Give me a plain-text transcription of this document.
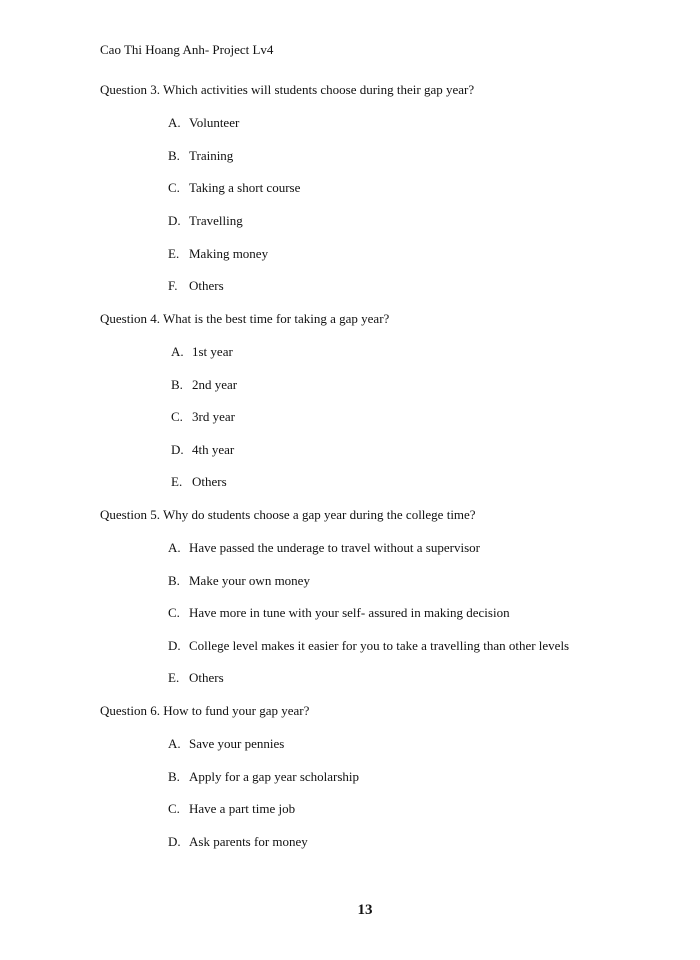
Cao Thi Hoang Anh- Project Lv4
Question 3. Which activities will students choose during their gap year?
A. Volunteer
B. Training
C. Taking a short course
D. Travelling
E. Making money
F. Others
Question 4. What is the best time for taking a gap year?
A. 1st year
B. 2nd year
C. 3rd year
D. 4th year
E. Others
Question 5. Why do students choose a gap year during the college time?
A. Have passed the underage to travel without a supervisor
B. Make your own money
C. Have more in tune with your self- assured in making decision
D. College level makes it easier for you to take a travelling than other levels
E. Others
Question 6. How to fund your gap year?
A. Save your pennies
B. Apply for a gap year scholarship
C. Have a part time job
D. Ask parents for money
13
